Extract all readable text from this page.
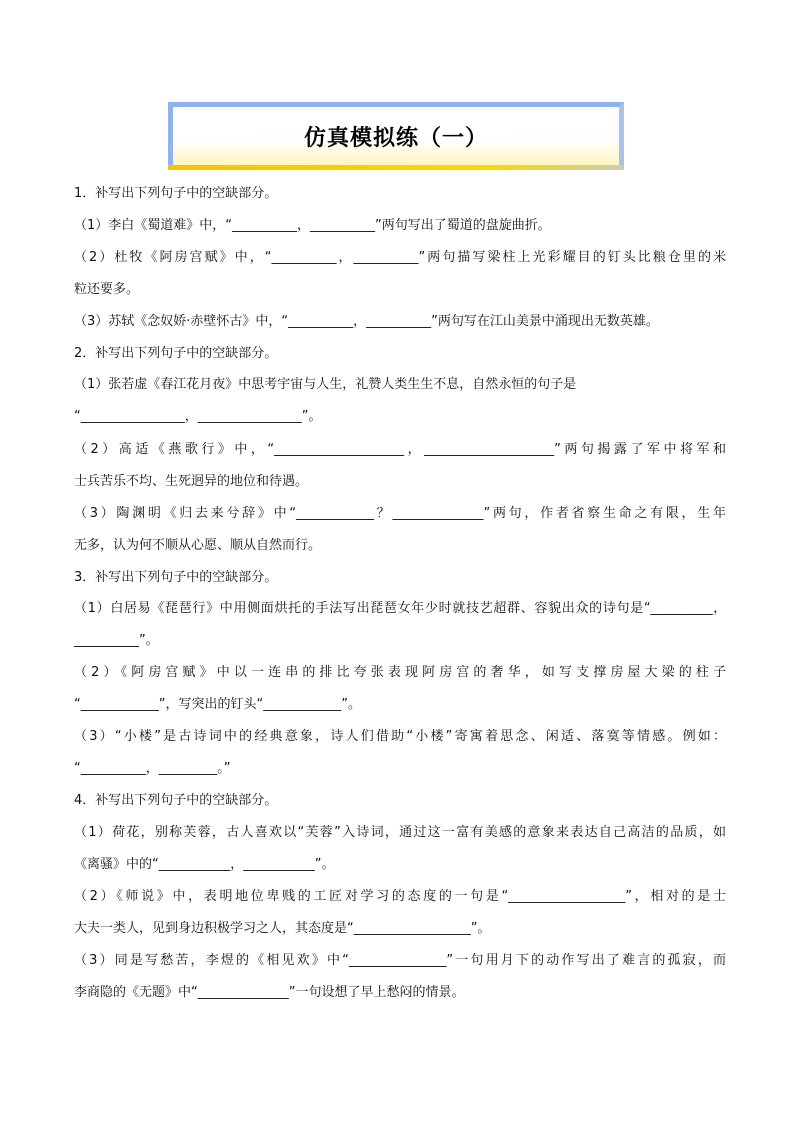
仿真模拟练（一）
1．补写出下列句子中的空缺部分。
（1）李白《蜀道难》中，“__________，__________”两句写出了蜀道的盘旋曲折。
（2）杜牧《阿房宫赋》中，“__________，__________”两句描写梁柱上光彩耀目的钉头比粮仓里的米
粒还要多。
（3）苏轼《念奴娇·赤壁怀古》中，“__________，__________”两句写在江山美景中涌现出无数英雄。
2．补写出下列句子中的空缺部分。
（1）张若虚《春江花月夜》中思考宇宙与人生，礼赞人类生生不息，自然永恒的句子是
“________________，________________”。
（2）高适《燕歌行》中，“____________________，____________________”两句揭露了军中将军和
士兵苦乐不均、生死迥异的地位和待遇。
（3）陶渊明《归去来兮辞》中“____________？______________”两句，作者省察生命之有限，生年
无多，认为何不顺从心愿、顺从自然而行。
3．补写出下列句子中的空缺部分。
（1）白居易《琵琶行》中用侧面烘托的手法写出琵琶女年少时就技艺超群、容貌出众的诗句是“__________，
__________”。
（2）《阿房宫赋》中以一连串的排比夸张表现阿房宫的奢华，如写支撑房屋大梁的柱子
“____________”，写突出的钉头“____________”。
（3）“小楼”是古诗词中的经典意象，诗人们借助“小楼”寄寓着思念、闲适、落寞等情感。例如：
“__________，_________。”
4．补写出下列句子中的空缺部分。
（1）荷花，别称芙蓉，古人喜欢以“芙蓉”入诗词，通过这一富有美感的意象来表达自己高洁的品质，如
《离骚》中的“___________，___________”。
（2）《师说》中，表明地位卑贱的工匠对学习的态度的一句是“__________________”，相对的是士
大夫一类人，见到身边积极学习之人，其态度是“__________________”。
（3）同是写愁苦，李煜的《相见欢》中“_______________”一句用月下的动作写出了难言的孤寂，而
李商隐的《无题》中“______________”一句设想了早上愁闷的情景。
